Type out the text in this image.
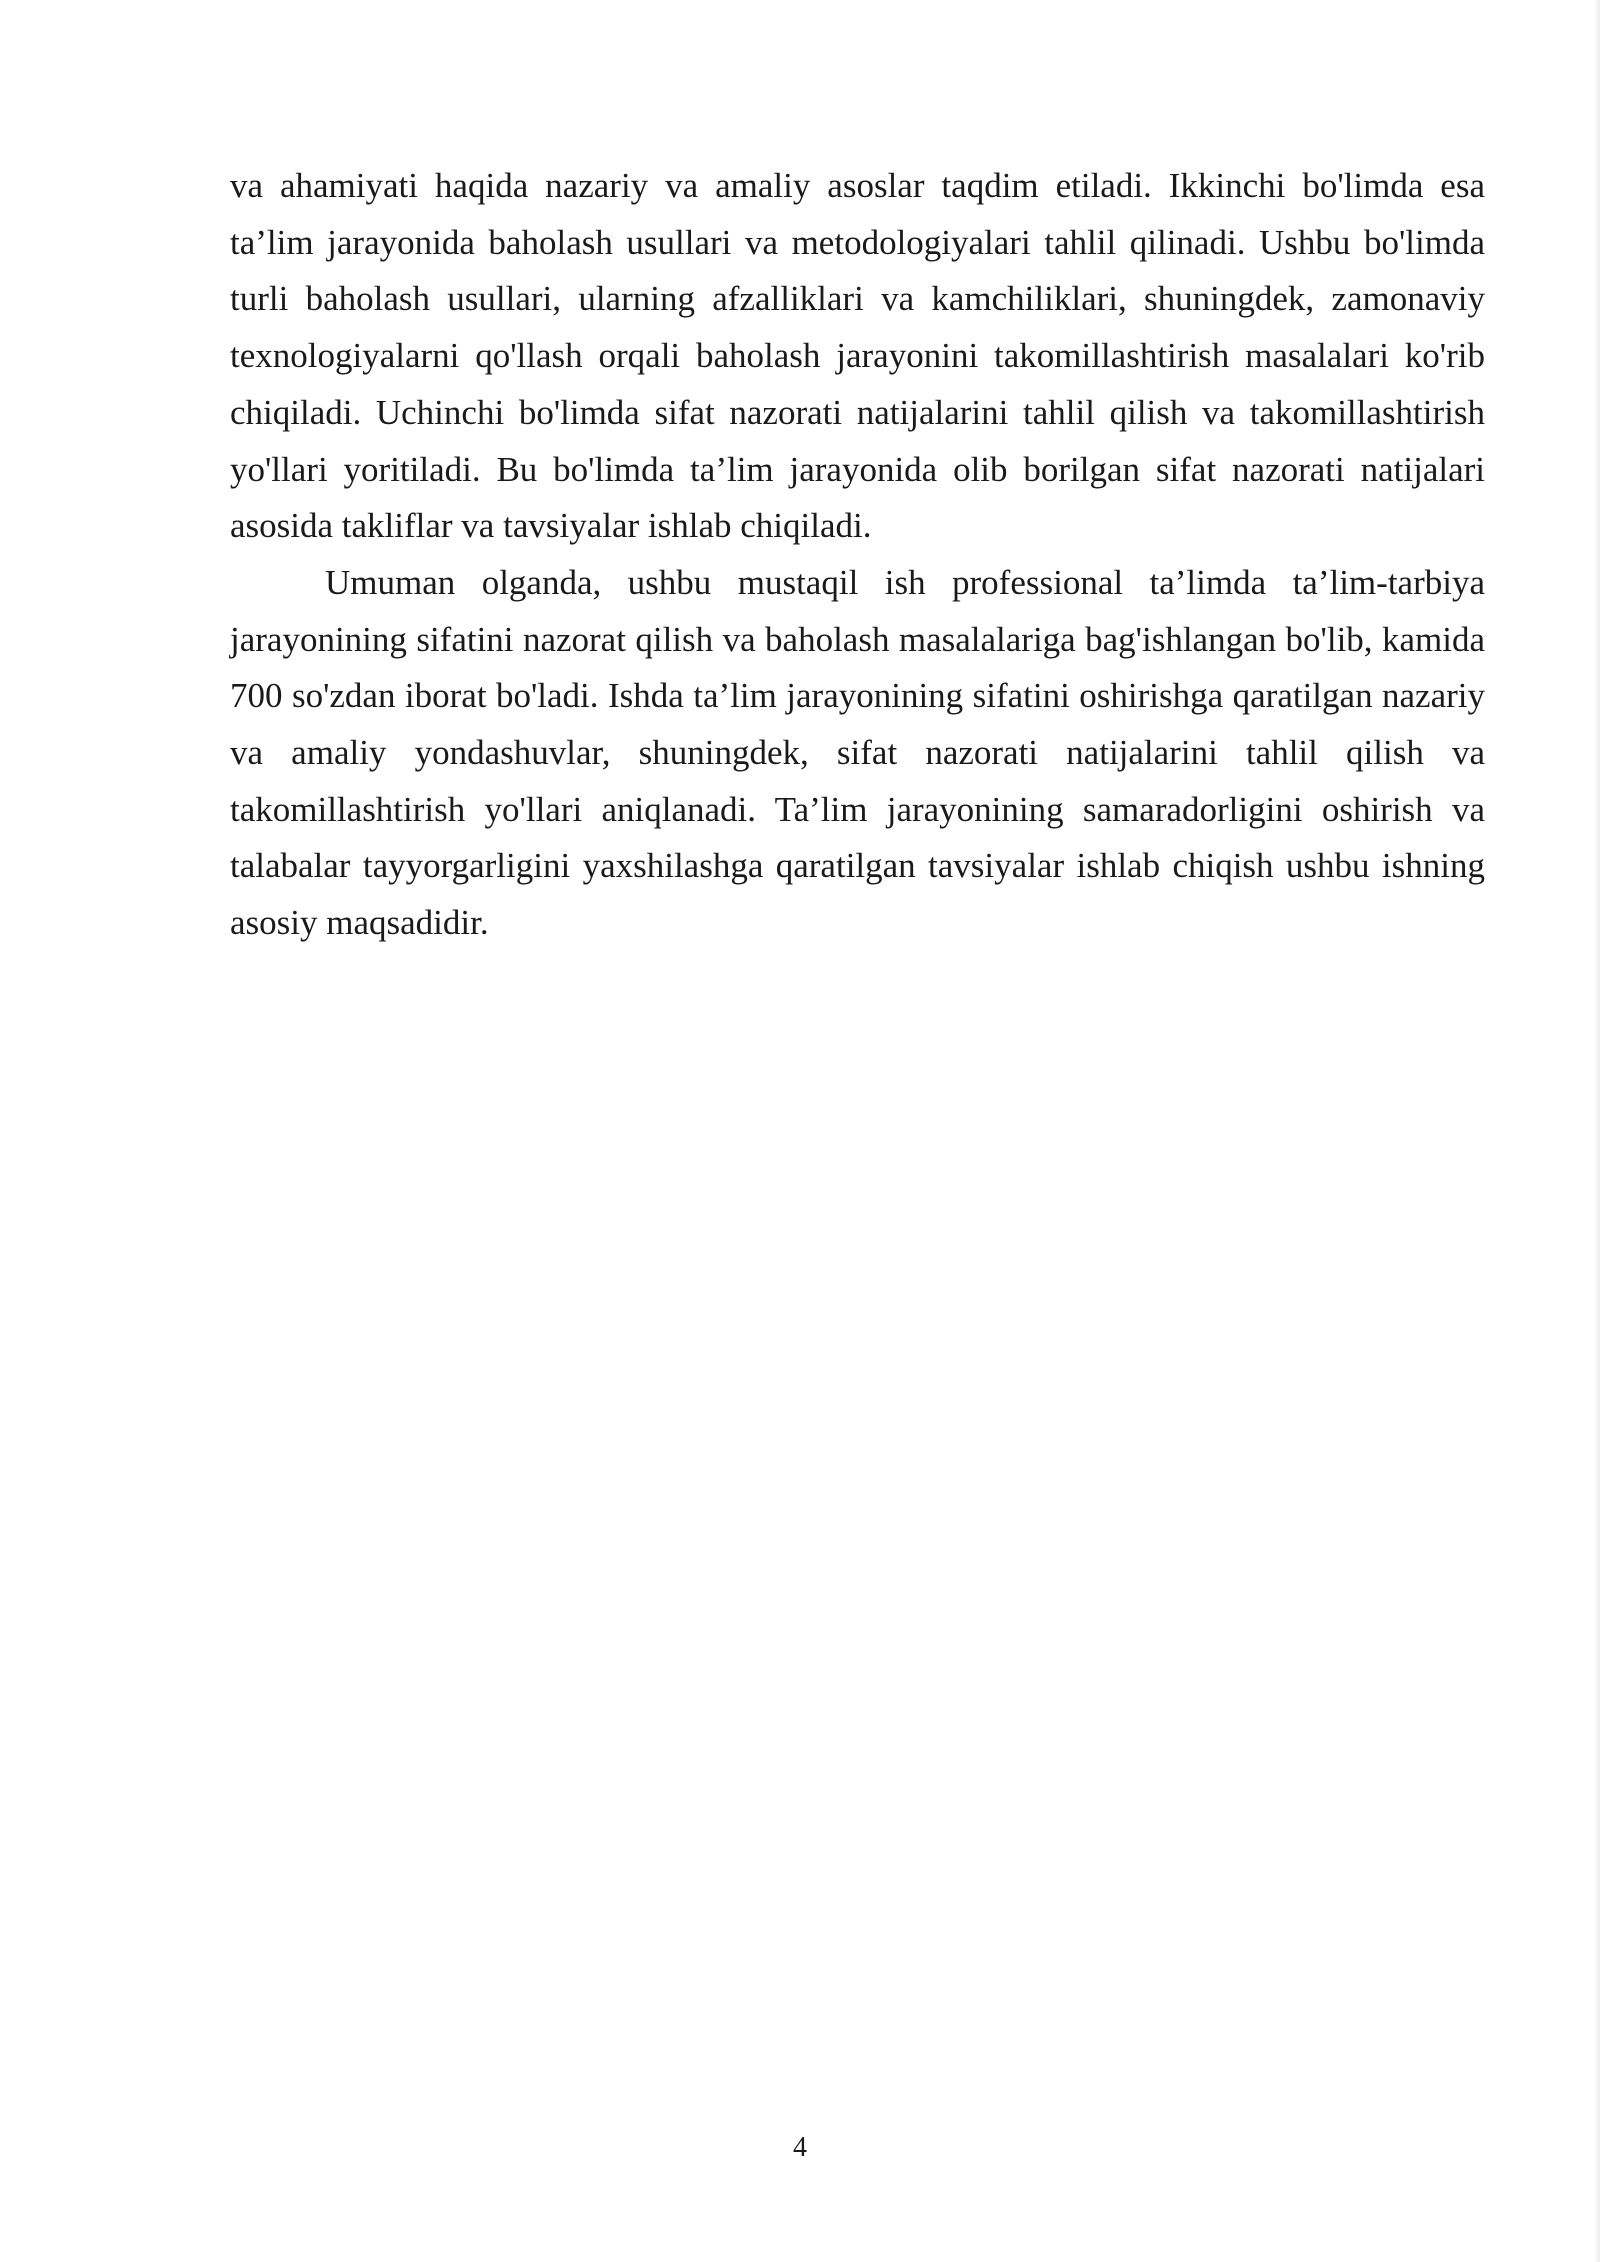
va ahamiyati haqida nazariy va amaliy asoslar taqdim etiladi. Ikkinchi bo'limda esa ta’lim jarayonida baholash usullari va metodologiyalari tahlil qilinadi. Ushbu bo'limda turli baholash usullari, ularning afzalliklari va kamchiliklari, shuningdek, zamonaviy texnologiyalarni qo'llash orqali baholash jarayonini takomillashtirish masalalari ko'rib chiqiladi. Uchinchi bo'limda sifat nazorati natijalarini tahlil qilish va takomillashtirish yo'llari yoritiladi. Bu bo'limda ta’lim jarayonida olib borilgan sifat nazorati natijalari asosida takliflar va tavsiyalar ishlab chiqiladi.

Umuman olganda, ushbu mustaqil ish professional ta’limda ta’lim-tarbiya jarayonining sifatini nazorat qilish va baholash masalalariga bag'ishlangan bo'lib, kamida 700 so'zdan iborat bo'ladi. Ishda ta’lim jarayonining sifatini oshirishga qaratilgan nazariy va amaliy yondashuvlar, shuningdek, sifat nazorati natijalarini tahlil qilish va takomillashtirish yo'llari aniqlanadi. Ta’lim jarayonining samaradorligini oshirish va talabalar tayyorgarligini yaxshilashga qaratilgan tavsiyalar ishlab chiqish ushbu ishning asosiy maqsadidir.

4
